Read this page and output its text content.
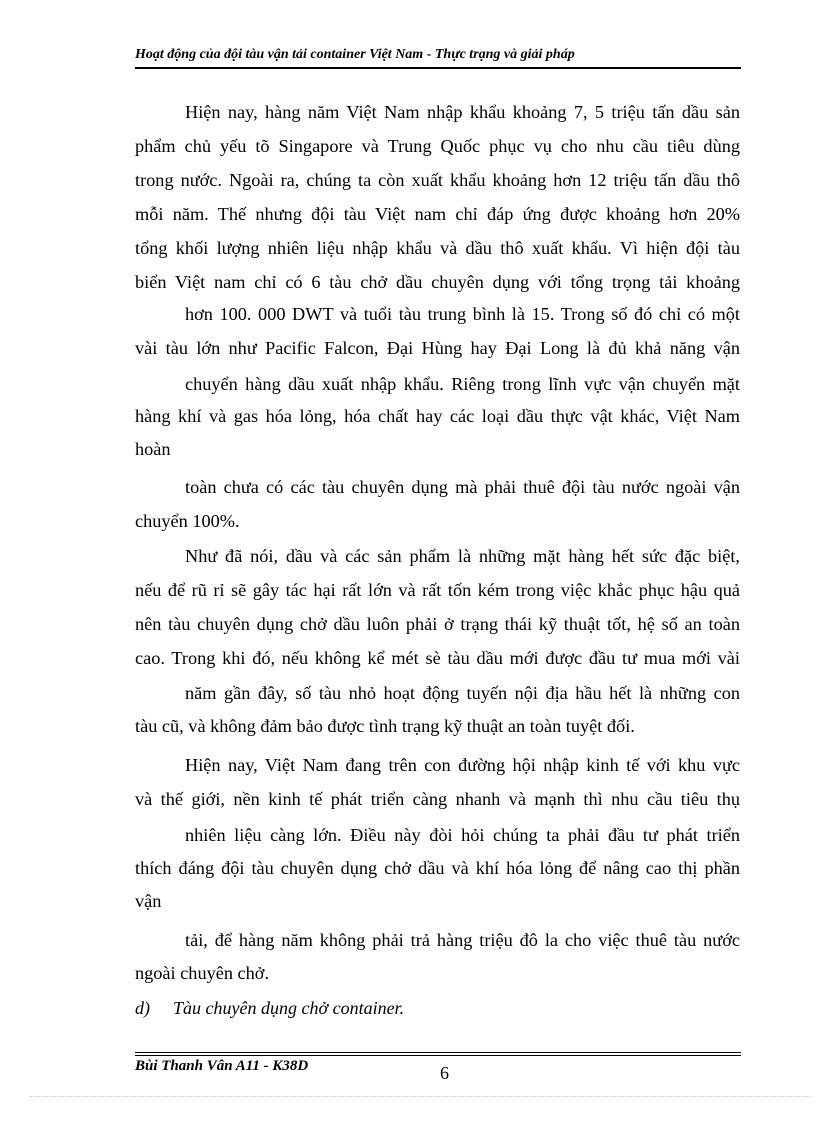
Hoạt động của đội tàu vận tải container Việt Nam - Thực trạng và giải pháp
Hiện nay, hàng năm Việt Nam nhập khẩu khoảng 7, 5 triệu tấn dầu sản
phẩm chủ yếu tõ Singapore và Trung Quốc phục vụ cho nhu cầu tiêu dùng
trong nước. Ngoài ra, chúng ta còn xuất khẩu khoảng hơn 12 triệu tấn dầu thô
mỗi năm. Thế nhưng đội tàu Việt nam chỉ đáp ứng được khoảng hơn 20%
tổng khối lượng nhiên liệu nhập khẩu và dầu thô xuất khẩu. Vì hiện đội tàu
biển Việt nam chỉ có 6 tàu chở dầu chuyên dụng với tổng trọng tải khoảng
hơn 100. 000 DWT và tuổi tàu trung bình là 15. Trong số đó chỉ có một
vài tàu lớn như Pacific Falcon, Đại Hùng hay Đại Long là đủ khả năng vận
chuyển hàng dầu xuất nhập khẩu. Riêng trong lĩnh vực vận chuyển mặt
hàng khí và gas hóa lỏng, hóa chất hay các loại dầu thực vật khác, Việt Nam
hoàn
toàn chưa có các tàu chuyên dụng mà phải thuê đội tàu nước ngoài vận
chuyển 100%.
Như đã nói, dầu và các sản phẩm là những mặt hàng hết sức đặc biệt,
nếu để rũ rỉ sẽ gây tác hại rất lớn và rất tốn kém trong việc khắc phục hậu quả
nên tàu chuyên dụng chở dầu luôn phải ở trạng thái kỹ thuật tốt, hệ số an toàn
cao. Trong khi đó, nếu không kể mét sè tàu dầu mới được đầu tư mua mới vài
năm gần đây, số tàu nhỏ hoạt động tuyến nội địa hầu hết là những con
tàu cũ, và không đảm bảo được tình trạng kỹ thuật an toàn tuyệt đối.
Hiện nay, Việt Nam đang trên con đường hội nhập kinh tế với khu vực
và thế giới, nền kinh tế phát triển càng nhanh và mạnh thì nhu cầu tiêu thụ
nhiên liệu càng lớn. Điều này đòi hỏi chúng ta phải đầu tư phát triển
thích đáng đội tàu chuyên dụng chở dầu và khí hóa lỏng để nâng cao thị phần
vận
tải, để hàng năm không phải trả hàng triệu đô la cho việc thuê tàu nước
ngoài chuyên chở.
d) Tàu chuyên dụng chở container.
Bùi Thanh Vân A11 - K38D	6
